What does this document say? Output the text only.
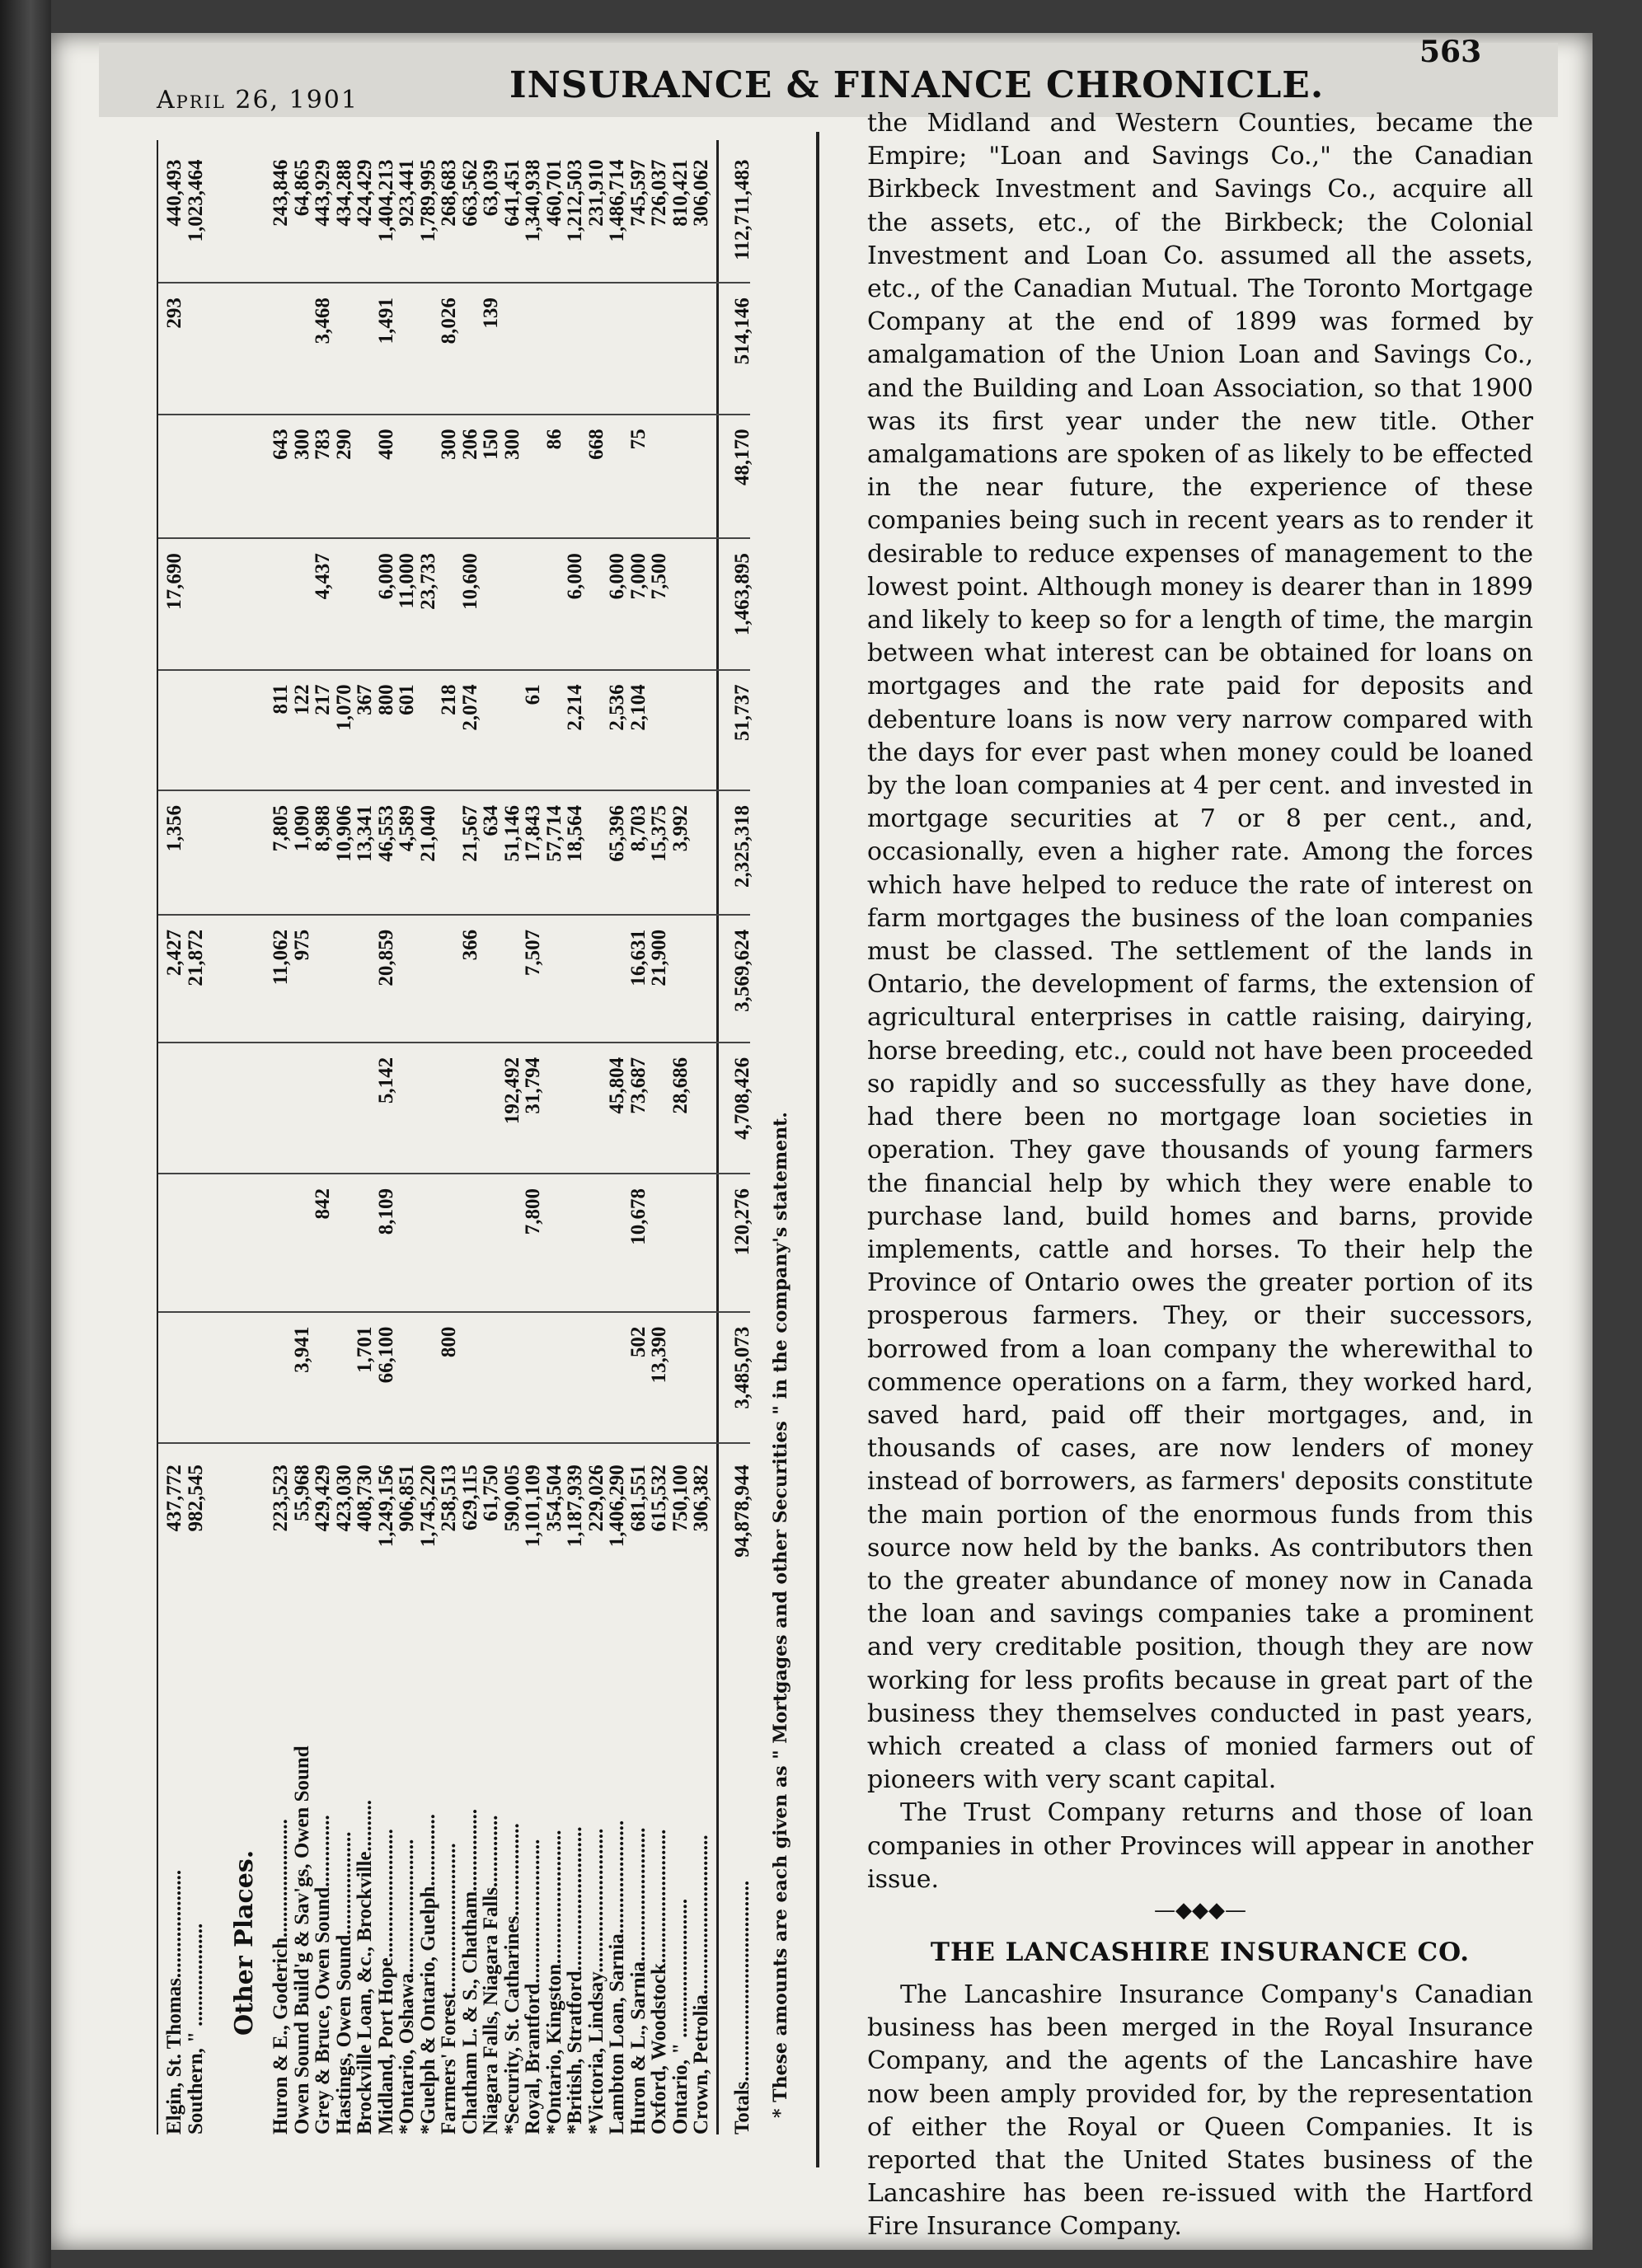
April 26, 1901	INSURANCE & FINANCE CHRONICLE.
563
* These amounts are each given as " Mortgages and other Securities " in the company's statement.
Elgin, St. Thomas.....................
437,772
2,427
1,356
17,690
293
440,493
Southern, " ....................
982,545
21,872
1,023,464
Other Places. Huron & E., Goderich.......................
223,523
11,062
7,805
811
643
243,846
Owen Sound Build'g & Sav'gs, Owen Sound
55,968
3,941
975
1,090
122
300
64,865
Grey & Bruce, Owen Sound..............
429,429
842
8,988
217
4,437
783
3,468
443,929
Hastings, Owen Sound....................
423,030
10,906
1,070
290
434,288
Brockville Loan, &c., Brockville..........
408,730
1,701
13,341
367
424,429
Midland, Port Hope.........................
1,249,156
66,100
8,109
5,142
20,859
46,553
800
6,000
400
1,491
1,404,213
*Ontario, Oshawa..........................
906,851
4,589
601
11,000
923,441
*Guelph & Ontario, Guelph..............
1,745,220
21,040
23,733
1,789,995
Farmers' Forest.............................
258,513
800
218
300
8,026
268,683
Chatham L. & S., Chatham................
629,115
366
21,567
2,074
10,600
206
663,562
Niagara Falls, Niagara Falls..............
61,750
634
150
139
63,039
*Security, St. Catharines..................
590,005
192,492
51,146
300
641,451
Royal, Brantford............................
1,101,109
7,800
31,794
7,507
17,843
61
1,340,938
*Ontario, Kingston..........................
354,504
57,714
86
460,701
*British, Stratford............................
1,187,939
18,564
2,214
6,000
1,212,503
*Victoria, Lindsay............................
229,026
668
231,910
Lambton Loan, Sarnia......................
1,406,290
45,804
65,396
2,536
6,000
1,486,714
Huron & L., Sarnia..........................
681,551
502
10,678
73,687
16,631
8,703
2,104
7,000
75
745,597
Oxford, Woodstock..........................
615,532
13,390
21,900
15,375
7,500
726,037
Ontario, " ...........................
750,100
28,686
3,992
810,421
Crown, Petrolia...............................
306,382
306,062
Totals.......................................
94,878,944
3,485,073
120,276
4,708,426
3,569,624
2,325,318
51,737
1,463,895
48,170
514,146
112,711,483

the Midland and Western Counties, became the Empire; "Loan and Savings Co.," the Canadian Birkbeck Investment and Savings Co., acquire all the assets, etc., of the Birkbeck; the Colonial Investment and Loan Co. assumed all the assets, etc., of the Canadian Mutual. The Toronto Mortgage Company at the end of 1899 was formed by amalgamation of the Union Loan and Savings Co., and the Building and Loan Association, so that 1900 was its first year under the new title. Other amalgamations are spoken of as likely to be effected in the near future, the experience of these companies being such in recent years as to render it desirable to reduce expenses of management to the lowest point. Although money is dearer than in 1899 and likely to keep so for a length of time, the margin between what interest can be obtained for loans on mortgages and the rate paid for deposits and debenture loans is now very narrow compared with the days for ever past when money could be loaned by the loan companies at 4 per cent. and invested in mortgage securities at 7 or 8 per cent., and, occasionally, even a higher rate. Among the forces which have helped to reduce the rate of interest on farm mortgages the business of the loan companies must be classed. The settlement of the lands in Ontario, the development of farms, the extension of agricultural enterprises in cattle raising, dairying, horse breeding, etc., could not have been proceeded so rapidly and so successfully as they have done, had there been no mortgage loan societies in operation. They gave thousands of young farmers the financial help by which they were enable to purchase land, build homes and barns, provide implements, cattle and horses. To their help the Province of Ontario owes the greater portion of its prosperous farmers. They, or their successors, borrowed from a loan company the wherewithal to commence operations on a farm, they worked hard, saved hard, paid off their mortgages, and, in thousands of cases, are now lenders of money instead of borrowers, as farmers' deposits constitute the main portion of the enormous funds from this source now held by the banks. As contributors then to the greater abundance of money now in Canada the loan and savings companies take a prominent and very creditable position, though they are now working for less profits because in great part of the business they themselves conducted in past years, which created a class of monied farmers out of pioneers with very scant capital.

The Trust Company returns and those of loan companies in other Provinces will appear in another issue.

—◆◆◆—
THE LANCASHIRE INSURANCE CO.

The Lancashire Insurance Company's Canadian business has been merged in the Royal Insurance Company, and the agents of the Lancashire have now been amply provided for, by the representation of either the Royal or Queen Companies. It is reported that the United States business of the Lancashire has been re-issued with the Hartford Fire Insurance Company.
